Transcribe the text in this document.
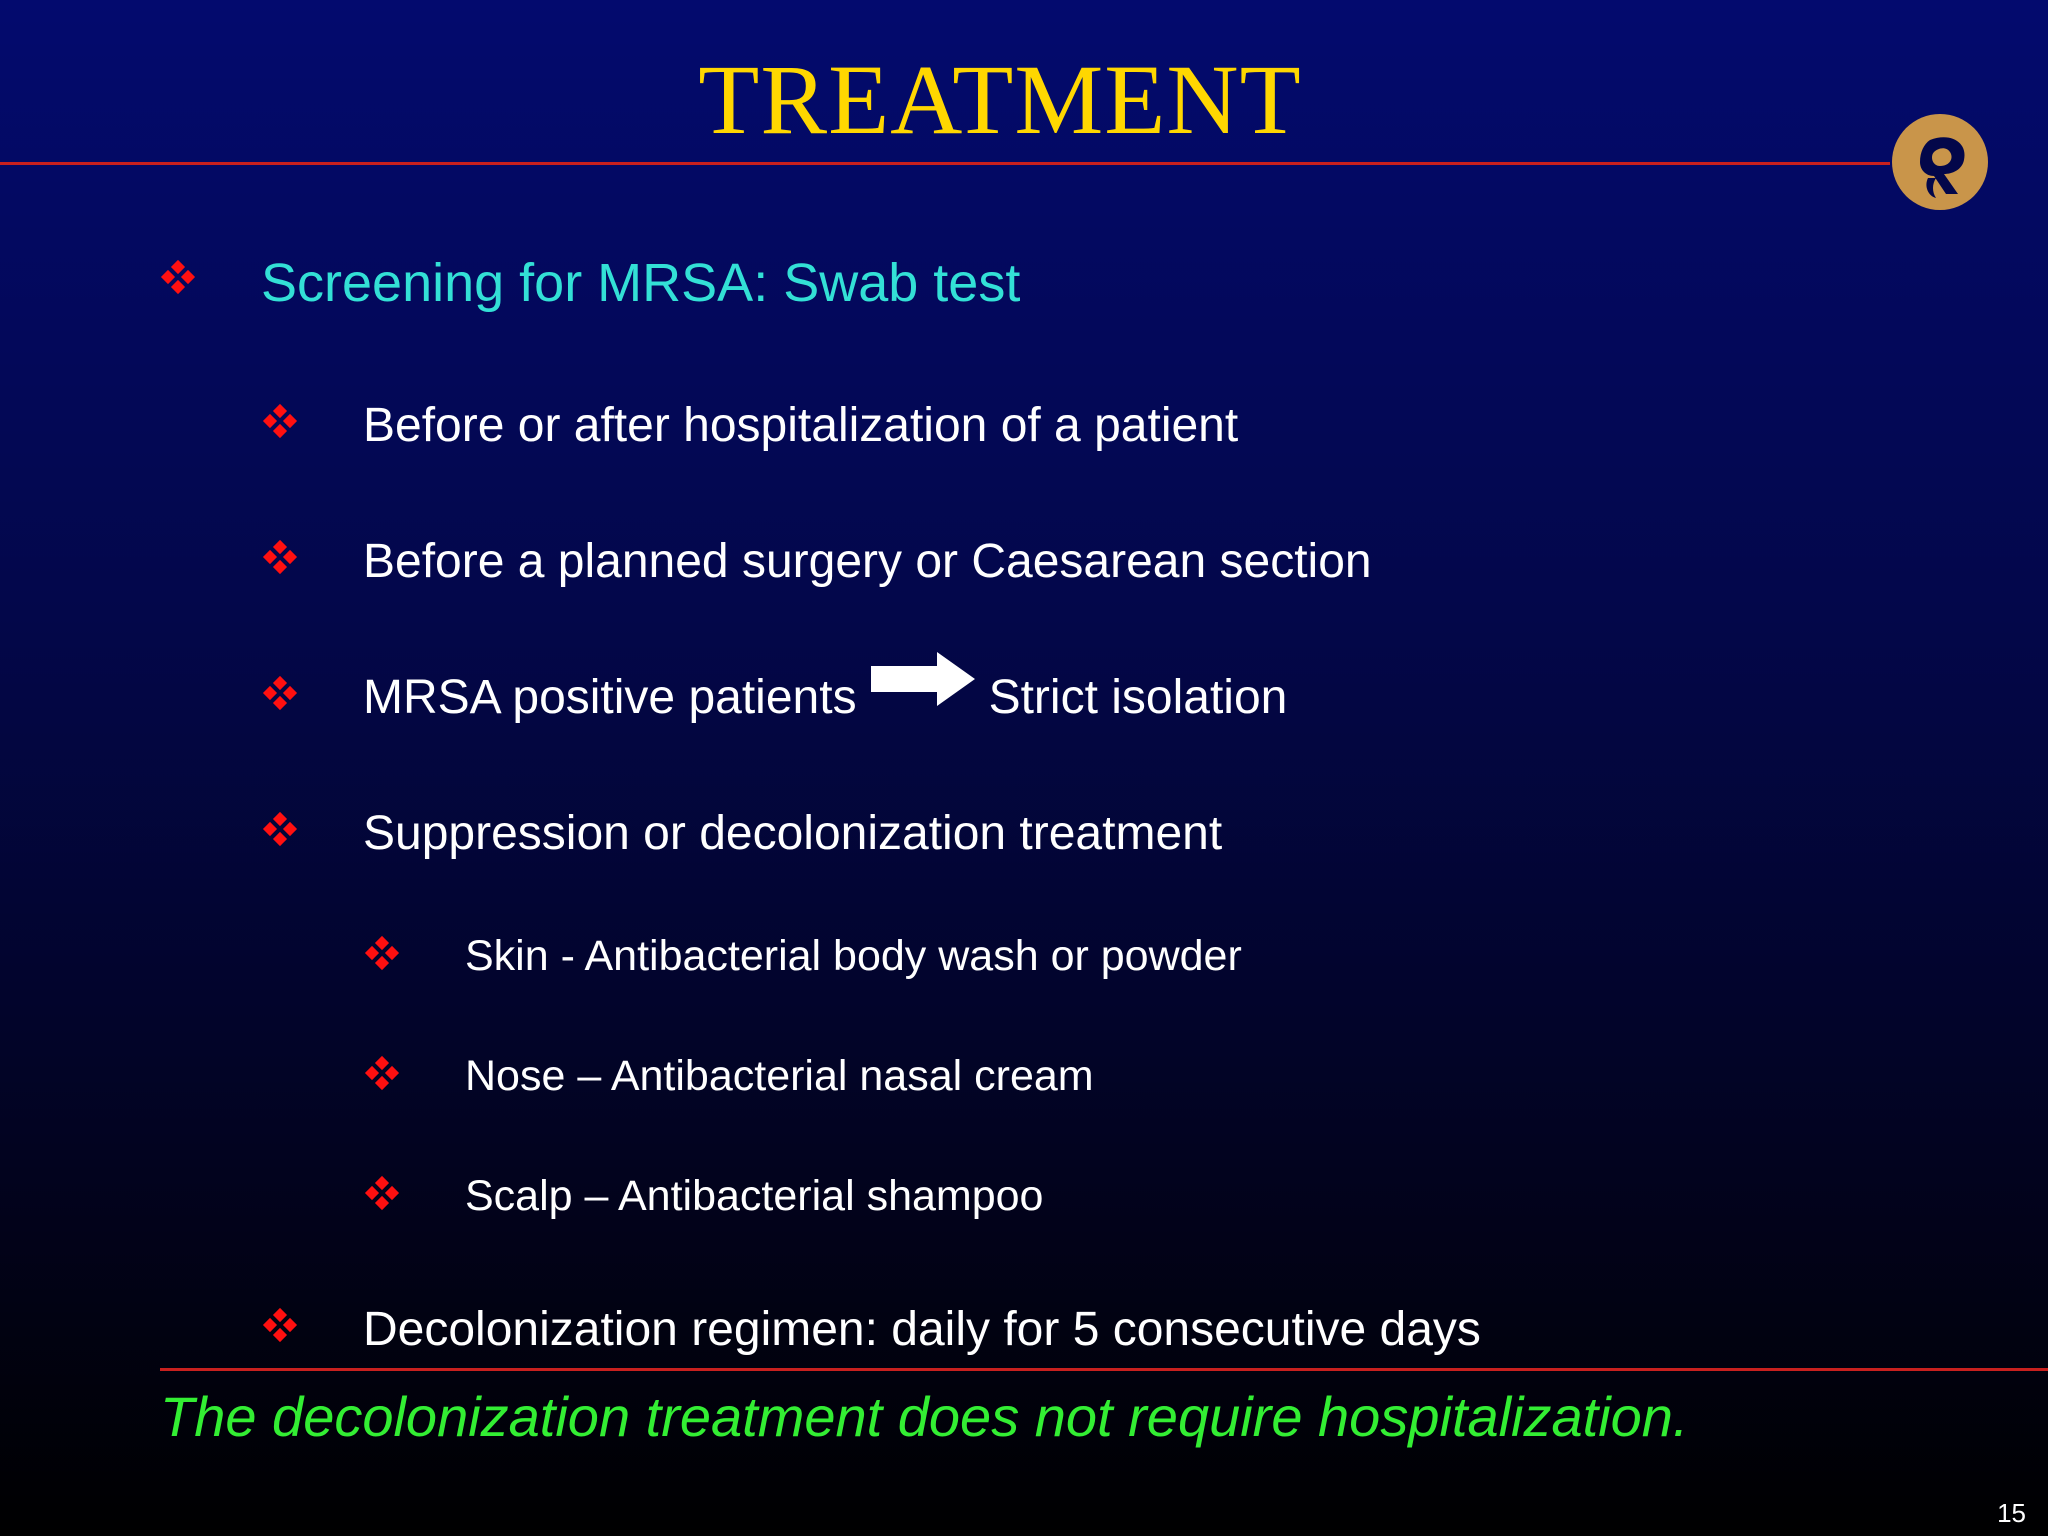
TREATMENT
Screening for MRSA: Swab test
Before or after hospitalization of a patient
Before a planned surgery or Caesarean section
MRSA positive patients	Strict isolation
Suppression or decolonization treatment
Skin - Antibacterial body wash or powder
Nose – Antibacterial nasal cream
Scalp – Antibacterial shampoo
Decolonization regimen: daily for 5 consecutive days
The decolonization treatment does not require hospitalization.
15
